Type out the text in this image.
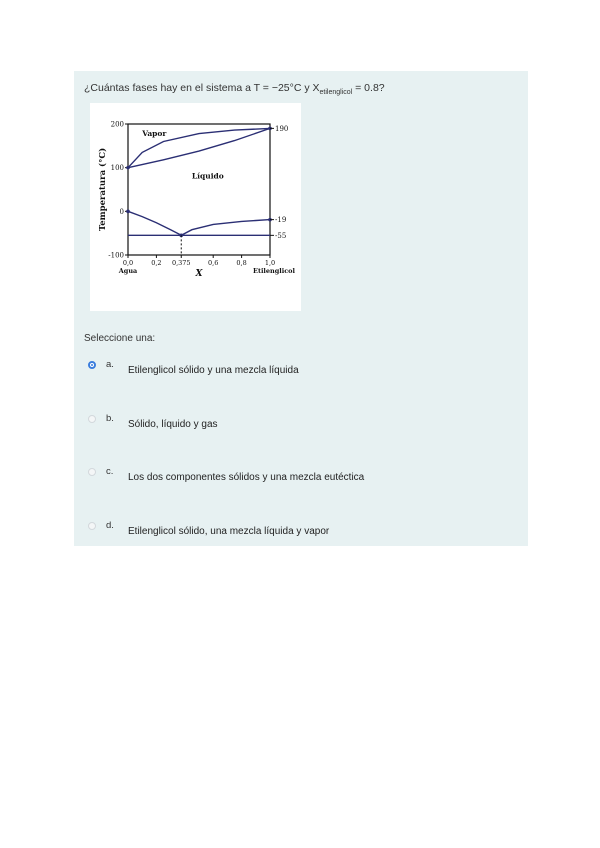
¿Cuántas fases hay en el sistema a T = −25°C y $X_{etilenglicol} = 0.8$?
200
100
0
-100
0,0	0,2 0,375	0,6	0,8	1,0
Agua	Etilenglicol
X
Temperatura (°C)
190
-19
-55
Vapor
Líquido
Seleccione una:
a.
Etilenglicol sólido y una mezcla líquida
b.
Sólido, líquido y gas
c.
Los dos componentes sólidos y una mezcla eutéctica
d.
Etilenglicol sólido, una mezcla líquida y vapor
